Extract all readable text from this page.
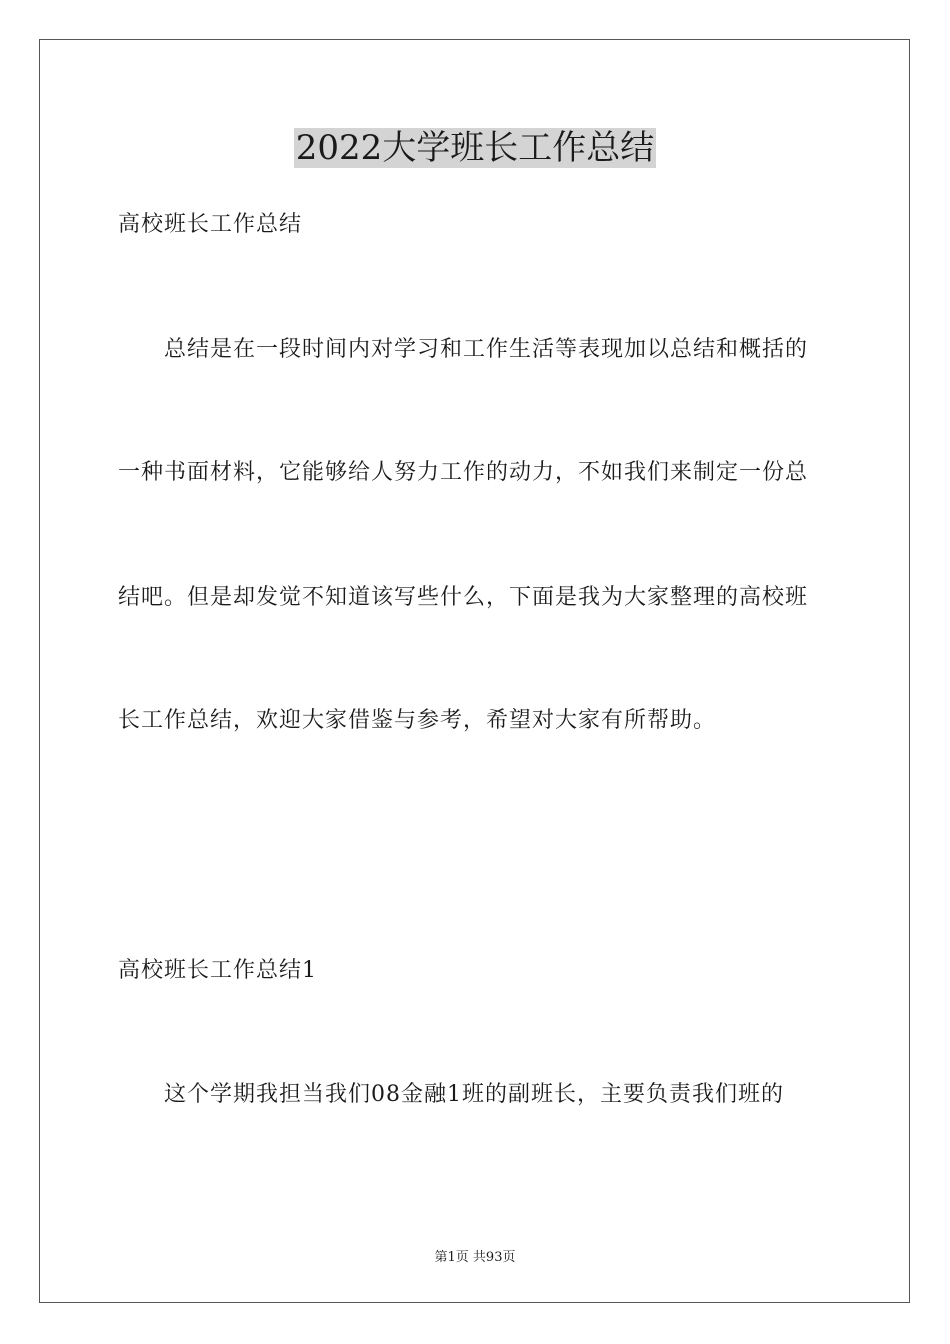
2022大学班长工作总结
高校班长工作总结
总结是在一段时间内对学习和工作生活等表现加以总结和概括的
一种书面材料，它能够给人努力工作的动力，不如我们来制定一份总
结吧。但是却发觉不知道该写些什么，下面是我为大家整理的高校班
长工作总结，欢迎大家借鉴与参考，希望对大家有所帮助。
高校班长工作总结1
这个学期我担当我们08金融1班的副班长，主要负责我们班的
第1页 共93页
